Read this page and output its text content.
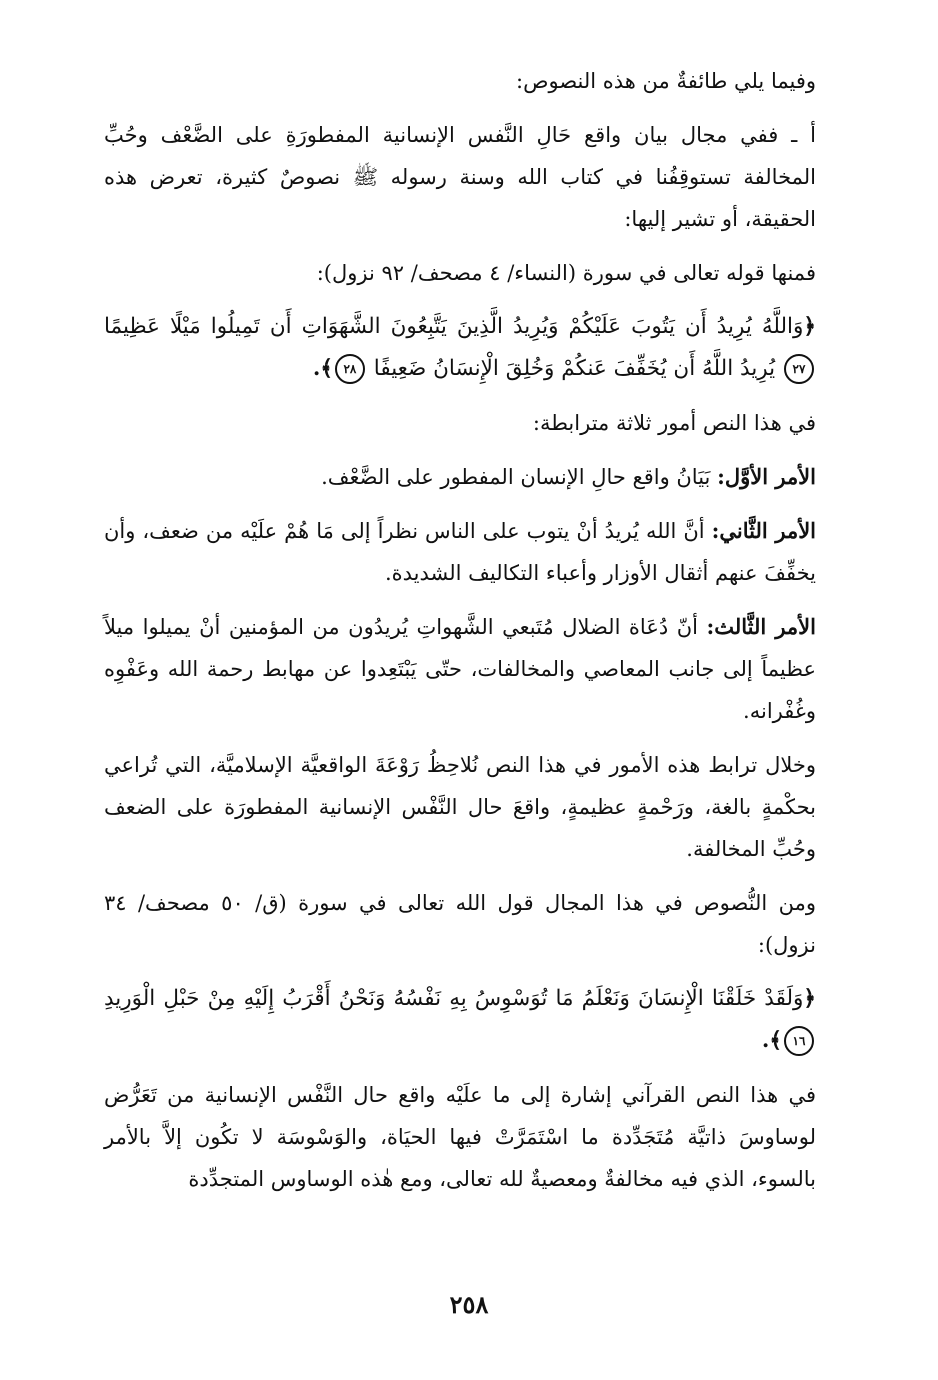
وفيما يلي طائفةٌ من هذه النصوص:

أ ـ ففي مجال بيان واقع حَالِ النَّفس الإنسانية المفطورَةِ على الضَّعْف وحُبِّ المخالفة تستوقِفُنا في كتاب الله وسنة رسوله ﷺ نصوصٌ كثيرة، تعرض هذه الحقيقة، أو تشير إليها:

فمنها قوله تعالى في سورة (النساء/ ٤ مصحف/ ٩٢ نزول):

﴿وَاللَّهُ يُرِيدُ أَن يَتُوبَ عَلَيْكُمْ وَيُرِيدُ الَّذِينَ يَتَّبِعُونَ الشَّهَوَاتِ أَن تَمِيلُوا مَيْلًا عَظِيمًا ٢٧ يُرِيدُ اللَّهُ أَن يُخَفِّفَ عَنكُمْ وَخُلِقَ الْإِنسَانُ ضَعِيفًا ٢٨﴾.

في هذا النص أمور ثلاثة مترابطة:

الأمر الأوَّل: بَيَانُ واقع حالِ الإنسان المفطور على الضَّعْف.

الأمر الثَّاني: أنَّ الله يُريدُ أنْ يتوب على الناس نظراً إلى مَا هُمْ علَيْه من ضعف، وأن يخفِّفَ عنهم أثقال الأوزار وأعباء التكاليف الشديدة.

الأمر الثَّالث: أنّ دُعَاة الضلال مُتَبعي الشَّهواتِ يُريدُون من المؤمنين أنْ يميلوا ميلاً عظيماً إلى جانب المعاصي والمخالفات، حتّى يَبْتَعِدوا عن مهابط رحمة الله وعَفْوِه وغُفْرانه.

وخلال ترابط هذه الأمور في هذا النص نُلاحِظُ رَوْعَةَ الواقعيَّة الإسلاميَّة، التي تُراعي بحكْمةٍ بالغة، ورَحْمةٍ عظيمةٍ، واقعَ حال النَّفْس الإنسانية المفطورَة على الضعف وحُبِّ المخالفة.

ومن النُّصوص في هذا المجال قول الله تعالى في سورة (ق/ ٥٠ مصحف/ ٣٤ نزول):

﴿وَلَقَدْ خَلَقْنَا الْإِنسَانَ وَنَعْلَمُ مَا تُوَسْوِسُ بِهِ نَفْسُهُ وَنَحْنُ أَقْرَبُ إِلَيْهِ مِنْ حَبْلِ الْوَرِيدِ ١٦﴾.

في هذا النص القرآني إشارة إلى ما علَيْه واقع حال النَّفْس الإنسانية من تَعَرُّض لوساوسَ ذاتيَّة مُتَجَدِّدة ما اسْتَمَرَّتْ فيها الحيَاة، والوَسْوسَة لا تكُون إلاَّ بالأمر بالسوء، الذي فيه مخالفةٌ ومعصيةٌ لله تعالى، ومع هٰذه الوساوس المتجدِّدة

٢٥٨
